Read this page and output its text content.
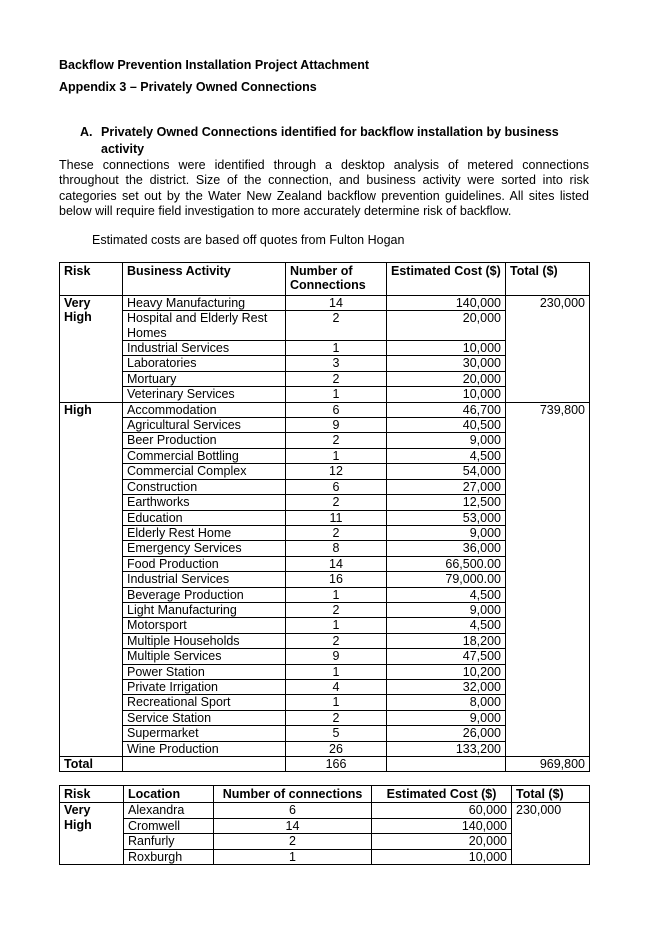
Backflow Prevention Installation Project Attachment
Appendix 3 – Privately Owned Connections
A. Privately Owned Connections identified for backflow installation by business activity
These connections were identified through a desktop analysis of metered connections throughout the district. Size of the connection, and business activity were sorted into risk categories set out by the Water New Zealand backflow prevention guidelines. All sites listed below will require field investigation to more accurately determine risk of backflow.
Estimated costs are based off quotes from Fulton Hogan
Risk	Business Activity	Number of Connections	Estimated Cost ($)	Total ($)
Very High	Heavy Manufacturing	14	140,000	230,000
	Hospital and Elderly Rest Homes	2	20,000	
	Industrial Services	1	10,000	
	Laboratories	3	30,000	
	Mortuary	2	20,000	
	Veterinary Services	1	10,000	
High	Accommodation	6	46,700	739,800
	Agricultural Services	9	40,500	
	Beer Production	2	9,000	
	Commercial Bottling	1	4,500	
	Commercial Complex	12	54,000	
	Construction	6	27,000	
	Earthworks	2	12,500	
	Education	11	53,000	
	Elderly Rest Home	2	9,000	
	Emergency Services	8	36,000	
	Food Production	14	66,500.00	
	Industrial Services	16	79,000.00	
	Beverage Production	1	4,500	
	Light Manufacturing	2	9,000	
	Motorsport	1	4,500	
	Multiple Households	2	18,200	
	Multiple Services	9	47,500	
	Power Station	1	10,200	
	Private Irrigation	4	32,000	
	Recreational Sport	1	8,000	
	Service Station	2	9,000	
	Supermarket	5	26,000	
	Wine Production	26	133,200	
Total		166		969,800
Risk	Location	Number of connections	Estimated Cost ($)	Total ($)
Very High	Alexandra	6	60,000	230,000
	Cromwell	14	140,000	
	Ranfurly	2	20,000	
	Roxburgh	1	10,000	
